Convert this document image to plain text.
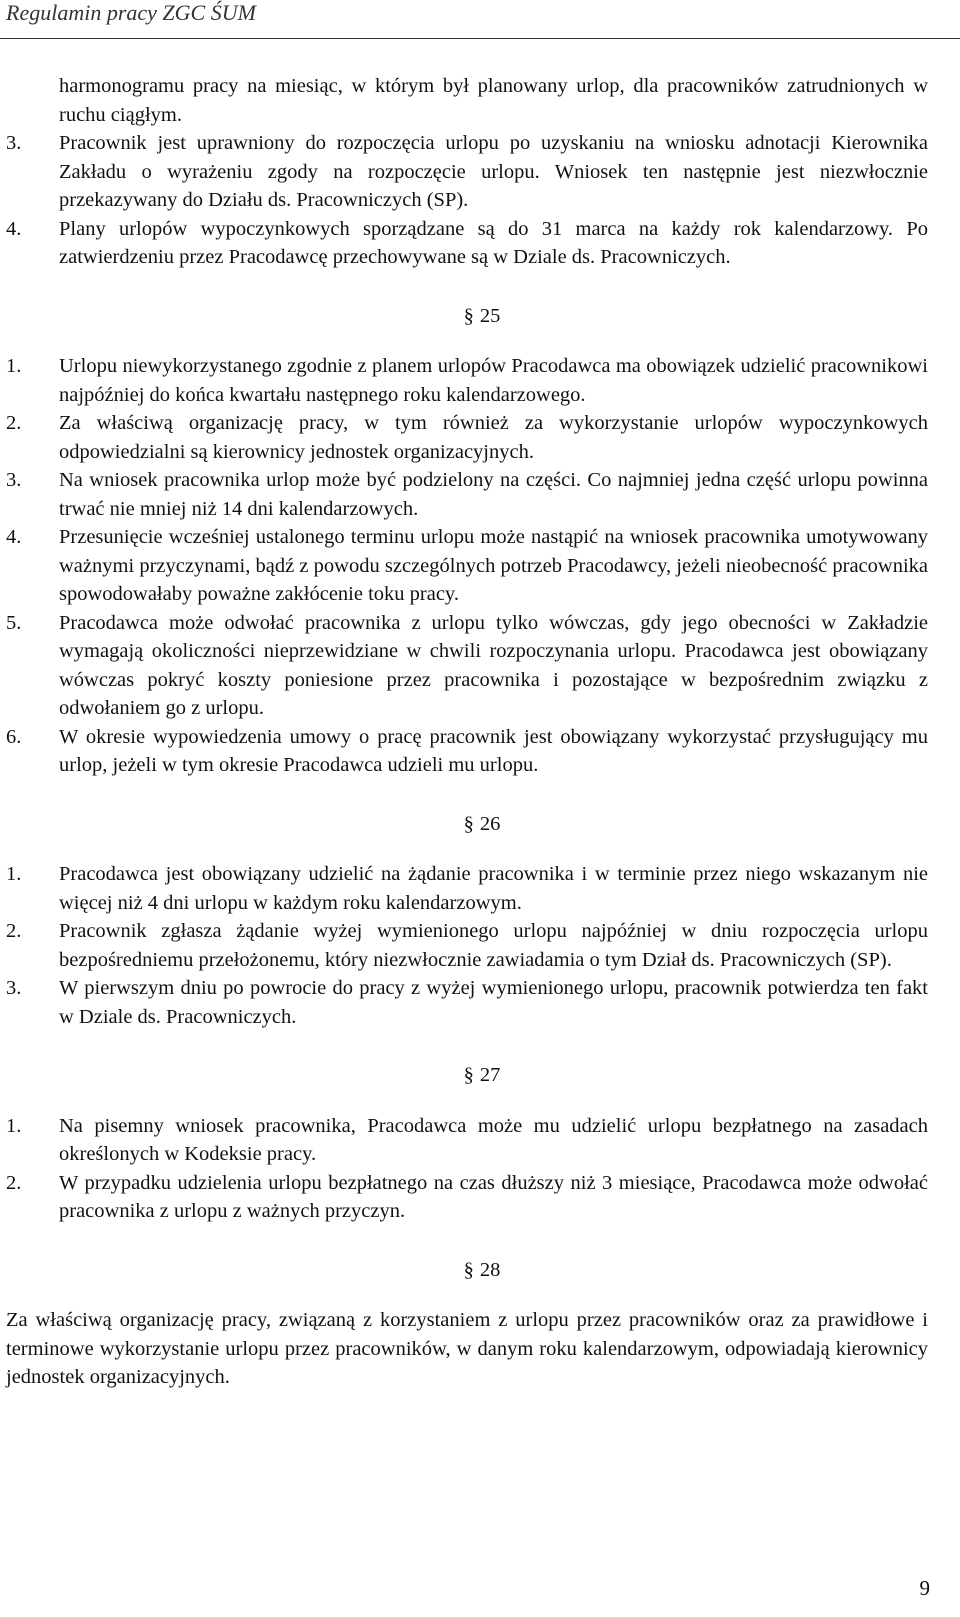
Regulamin pracy ZGC ŚUM
harmonogramu pracy na miesiąc, w którym był planowany urlop, dla pracowników zatrudnionych w ruchu ciągłym.
3.	Pracownik jest uprawniony do rozpoczęcia urlopu po uzyskaniu na wniosku adnotacji Kierownika Zakładu o wyrażeniu zgody na rozpoczęcie urlopu. Wniosek ten następnie jest niezwłocznie przekazywany do Działu ds. Pracowniczych (SP).
4.	Plany urlopów wypoczynkowych sporządzane są do 31 marca na każdy rok kalendarzowy. Po zatwierdzeniu przez Pracodawcę przechowywane są w Dziale ds. Pracowniczych.
§ 25
1.	Urlopu niewykorzystanego zgodnie z planem urlopów Pracodawca ma obowiązek udzielić pracownikowi najpóźniej do końca kwartału następnego roku kalendarzowego.
2.	Za właściwą organizację pracy, w tym również za wykorzystanie urlopów wypoczynkowych odpowiedzialni są kierownicy jednostek organizacyjnych.
3.	Na wniosek pracownika urlop może być podzielony na części. Co najmniej jedna część urlopu powinna trwać nie mniej niż 14 dni kalendarzowych.
4.	Przesunięcie wcześniej ustalonego terminu urlopu może nastąpić na wniosek pracownika umotywowany ważnymi przyczynami, bądź z powodu szczególnych potrzeb Pracodawcy, jeżeli nieobecność pracownika spowodowałaby poważne zakłócenie toku pracy.
5.	Pracodawca może odwołać pracownika z urlopu tylko wówczas, gdy jego obecności w Zakładzie wymagają okoliczności nieprzewidziane w chwili rozpoczynania urlopu. Pracodawca jest obowiązany wówczas pokryć koszty poniesione przez pracownika i pozostające w bezpośrednim związku z odwołaniem go z urlopu.
6.	W okresie wypowiedzenia umowy o pracę pracownik jest obowiązany wykorzystać przysługujący mu urlop, jeżeli w tym okresie Pracodawca udzieli mu urlopu.
§ 26
1.	Pracodawca jest obowiązany udzielić na żądanie pracownika i w terminie przez niego wskazanym nie więcej niż 4 dni urlopu w każdym roku kalendarzowym.
2.	Pracownik zgłasza żądanie wyżej wymienionego urlopu najpóźniej w dniu rozpoczęcia urlopu bezpośredniemu przełożonemu, który niezwłocznie zawiadamia o tym Dział ds. Pracowniczych (SP).
3.	W pierwszym dniu po powrocie do pracy z wyżej wymienionego urlopu, pracownik potwierdza ten fakt w Dziale ds. Pracowniczych.
§ 27
1.	Na pisemny wniosek pracownika, Pracodawca może mu udzielić urlopu bezpłatnego na zasadach określonych w Kodeksie pracy.
2.	W przypadku udzielenia urlopu bezpłatnego na czas dłuższy niż 3 miesiące, Pracodawca może odwołać pracownika z urlopu z ważnych przyczyn.
§ 28
Za właściwą organizację pracy, związaną z korzystaniem z urlopu przez pracowników oraz za prawidłowe i terminowe wykorzystanie urlopu przez pracowników, w danym roku kalendarzowym, odpowiadają kierownicy jednostek organizacyjnych.
9
